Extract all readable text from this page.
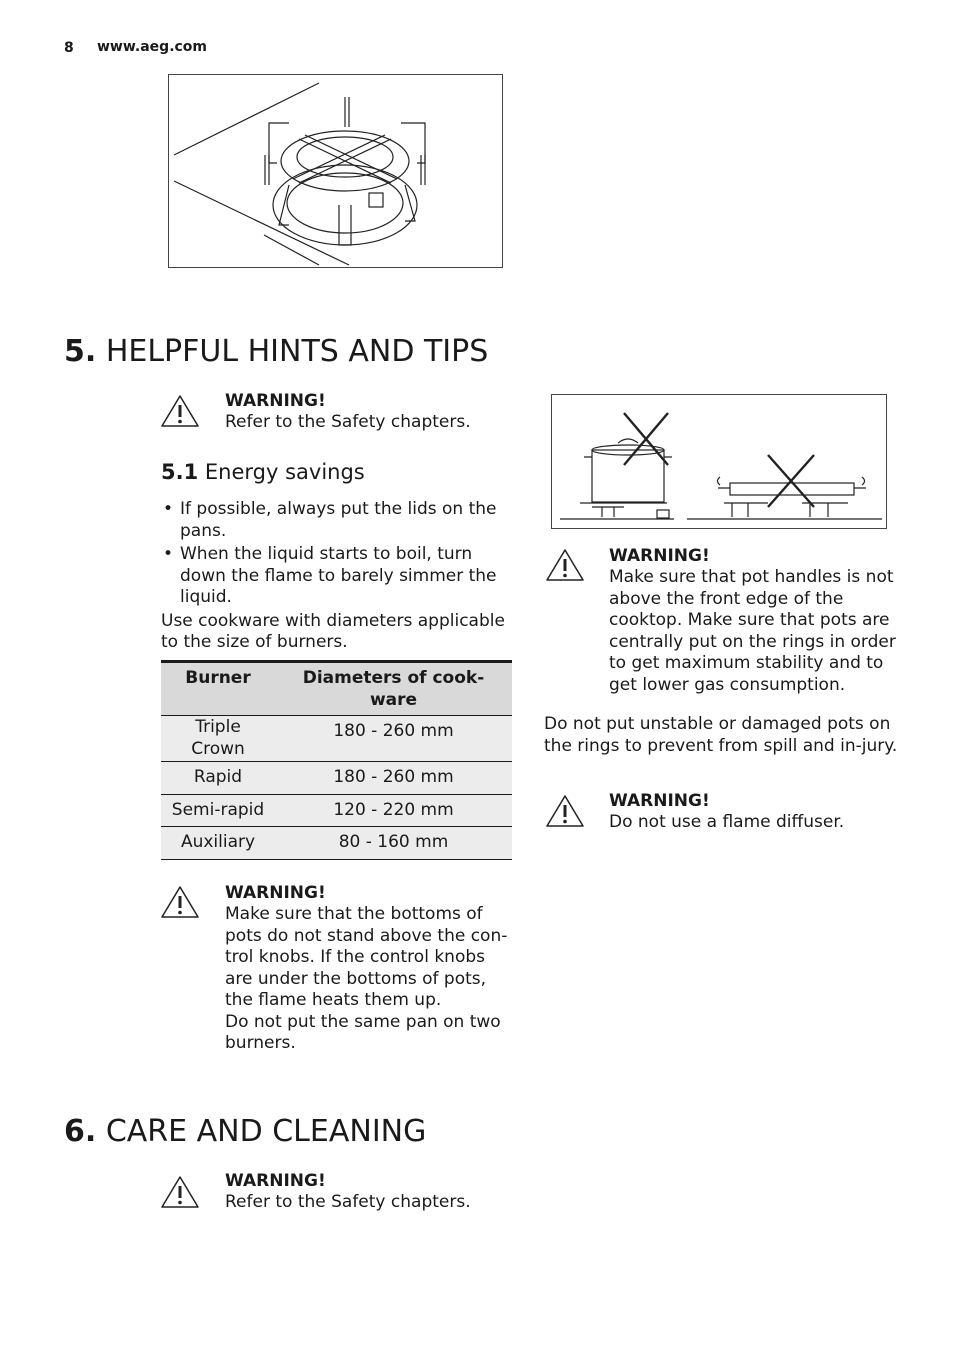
8 www.aeg.com
5. HELPFUL HINTS AND TIPS
WARNING!
Refer to the Safety chapters.
5.1 Energy savings
• If possible, always put the lids on the pans.
• When the liquid starts to boil, turn down the flame to barely simmer the liquid.
Use cookware with diameters applicable to the size of burners.
Burner	Diameters of cook-ware
Triple Crown	180 - 260 mm
Rapid	180 - 260 mm
Semi-rapid	120 - 220 mm
Auxiliary	80 - 160 mm
WARNING!
Make sure that the bottoms of pots do not stand above the con-trol knobs. If the control knobs are under the bottoms of pots, the flame heats them up.
Do not put the same pan on two burners.
WARNING!
Make sure that pot handles is not above the front edge of the cooktop. Make sure that pots are centrally put on the rings in order to get maximum stability and to get lower gas consumption.
Do not put unstable or damaged pots on the rings to prevent from spill and in-jury.
WARNING!
Do not use a flame diffuser.
6. CARE AND CLEANING
WARNING!
Refer to the Safety chapters.
